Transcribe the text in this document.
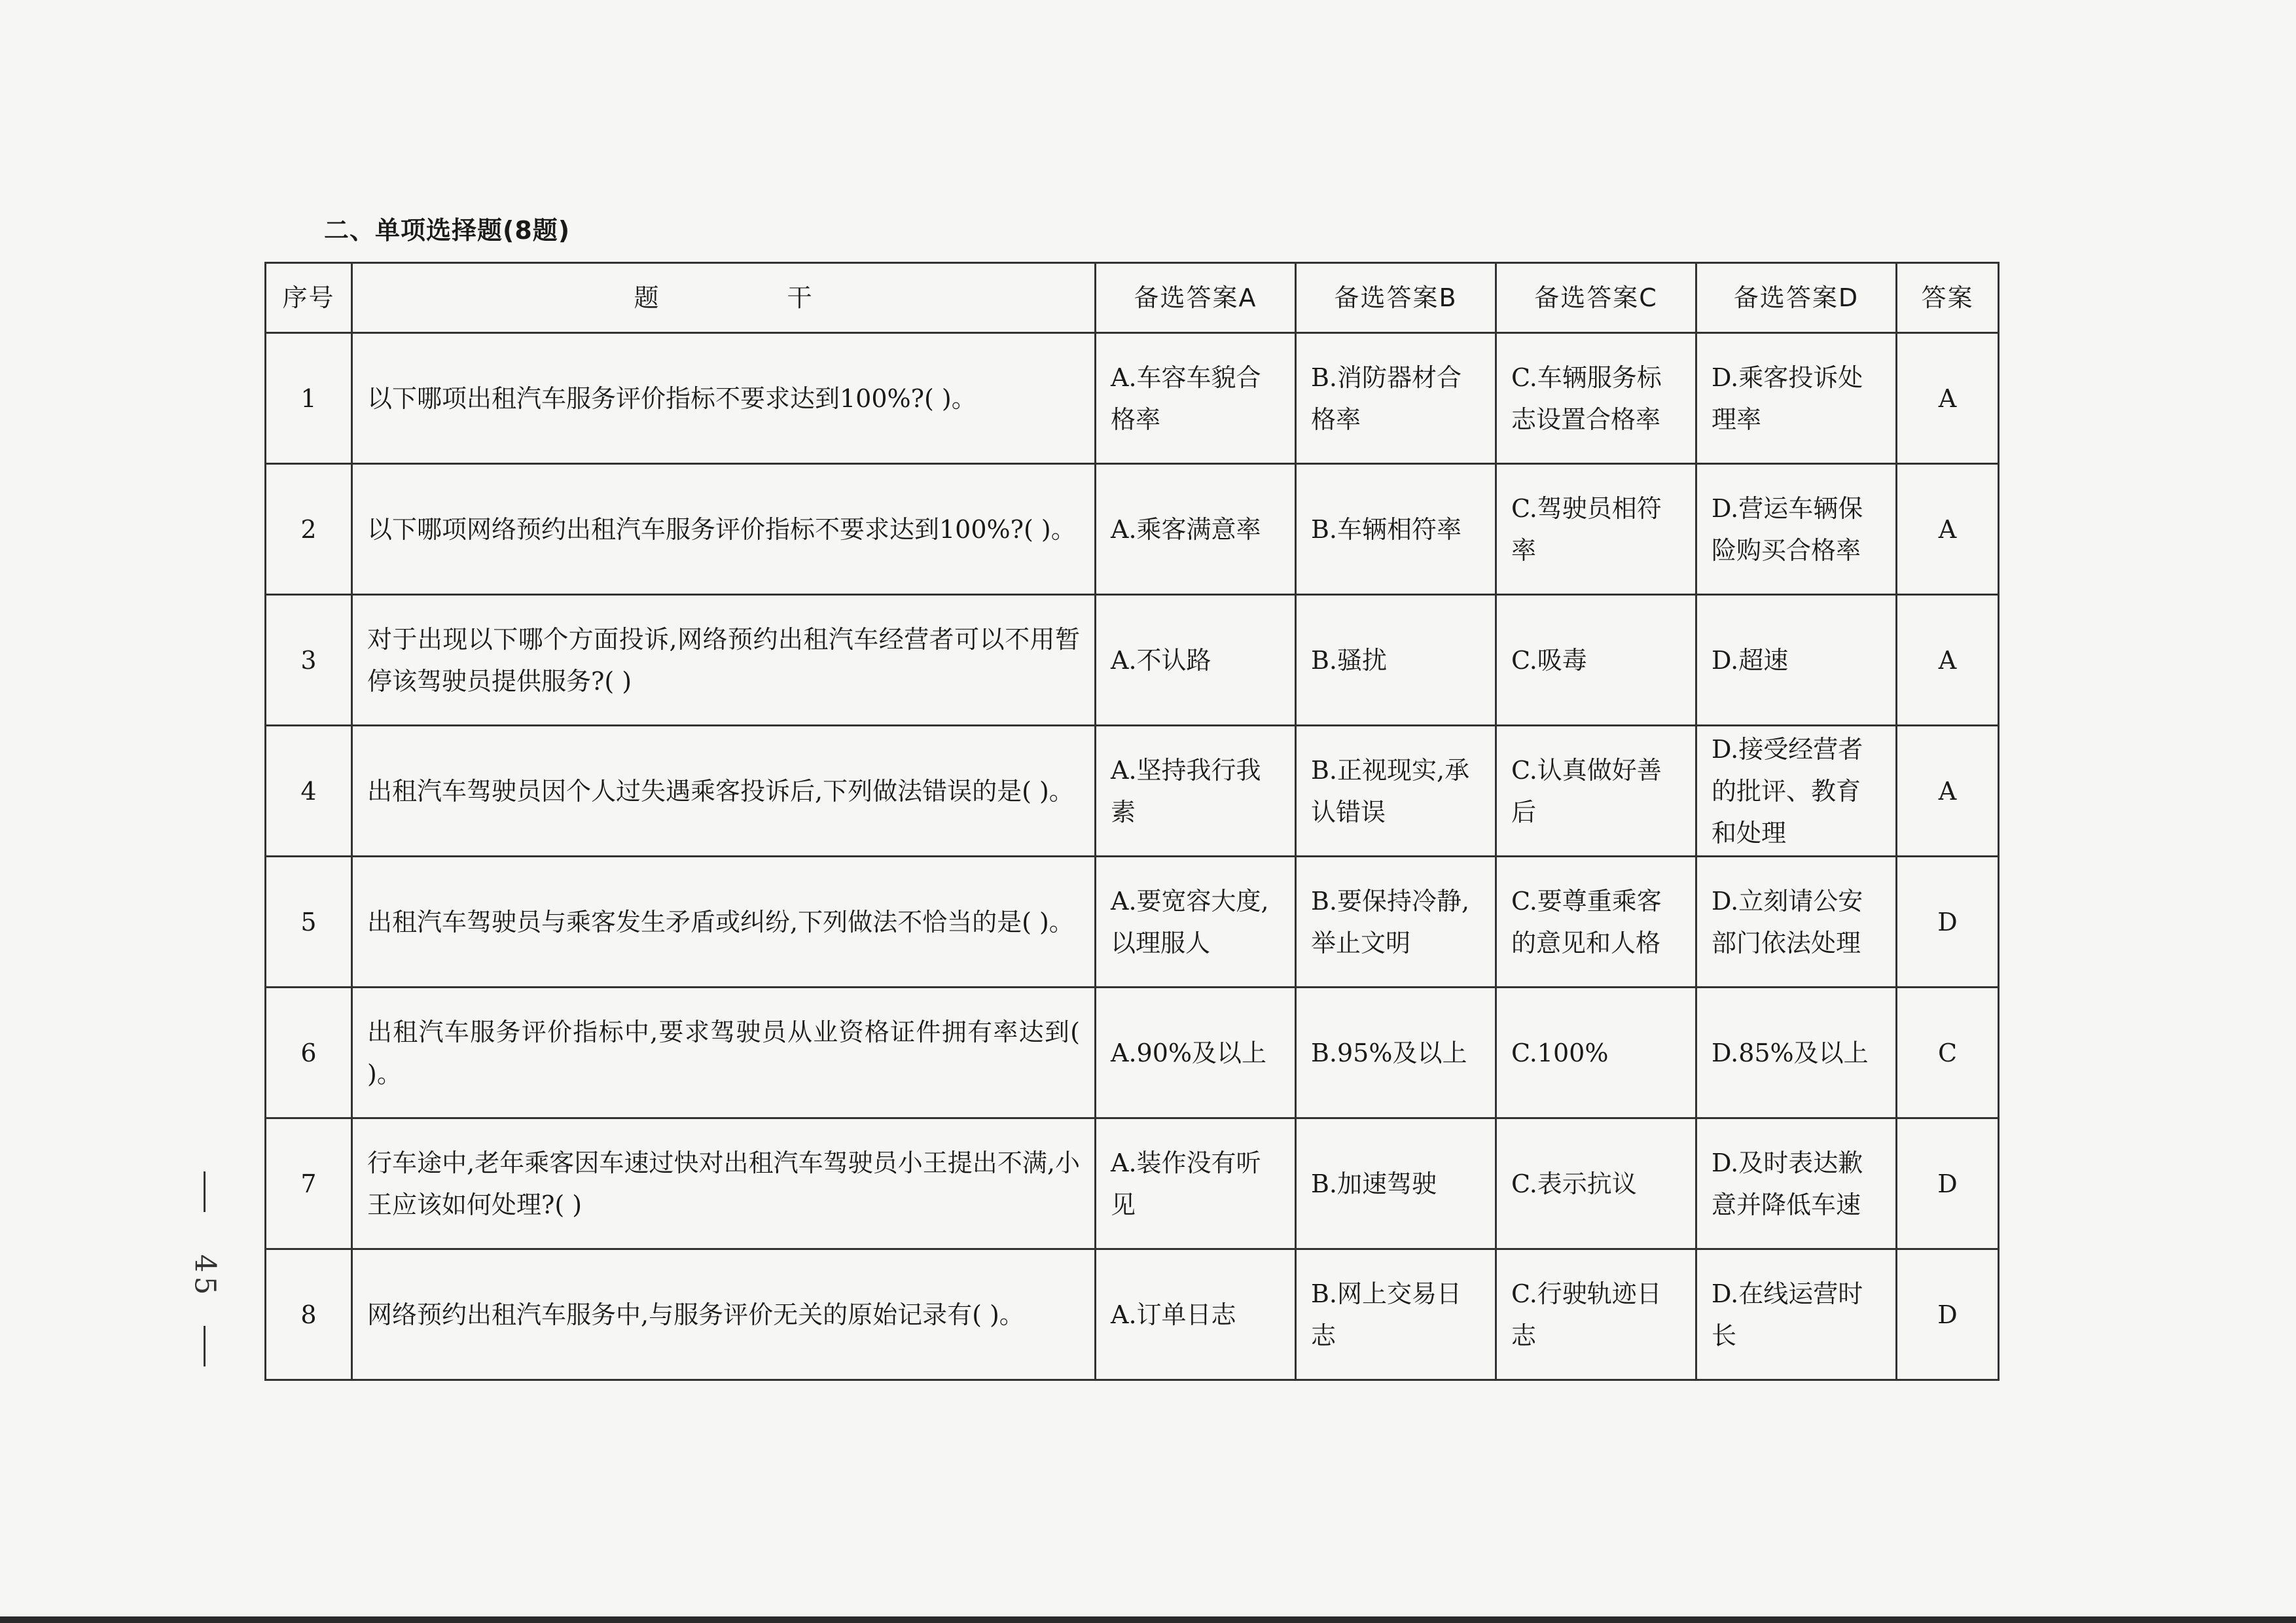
二、单项选择题(8题)
序号	题 干	备选答案A	备选答案B	备选答案C	备选答案D	答案
1	以下哪项出租汽车服务评价指标不要求达到100%?( )。	A.车容车貌合格率	B.消防器材合格率	C.车辆服务标志设置合格率	D.乘客投诉处理率	A
2	以下哪项网络预约出租汽车服务评价指标不要求达到100%?( )。	A.乘客满意率	B.车辆相符率	C.驾驶员相符率	D.营运车辆保险购买合格率	A
3	对于出现以下哪个方面投诉,网络预约出租汽车经营者可以不用暂停该驾驶员提供服务?( )	A.不认路	B.骚扰	C.吸毒	D.超速	A
4	出租汽车驾驶员因个人过失遇乘客投诉后,下列做法错误的是( )。	A.坚持我行我素	B.正视现实,承认错误	C.认真做好善后	D.接受经营者的批评、教育和处理	A
5	出租汽车驾驶员与乘客发生矛盾或纠纷,下列做法不恰当的是( )。	A.要宽容大度,以理服人	B.要保持冷静,举止文明	C.要尊重乘客的意见和人格	D.立刻请公安部门依法处理	D
6	出租汽车服务评价指标中,要求驾驶员从业资格证件拥有率达到( )。	A.90%及以上	B.95%及以上	C.100%	D.85%及以上	C
7	行车途中,老年乘客因车速过快对出租汽车驾驶员小王提出不满,小王应该如何处理?( )	A.装作没有听见	B.加速驾驶	C.表示抗议	D.及时表达歉意并降低车速	D
8	网络预约出租汽车服务中,与服务评价无关的原始记录有( )。	A.订单日志	B.网上交易日志	C.行驶轨迹日志	D.在线运营时长	D
45
